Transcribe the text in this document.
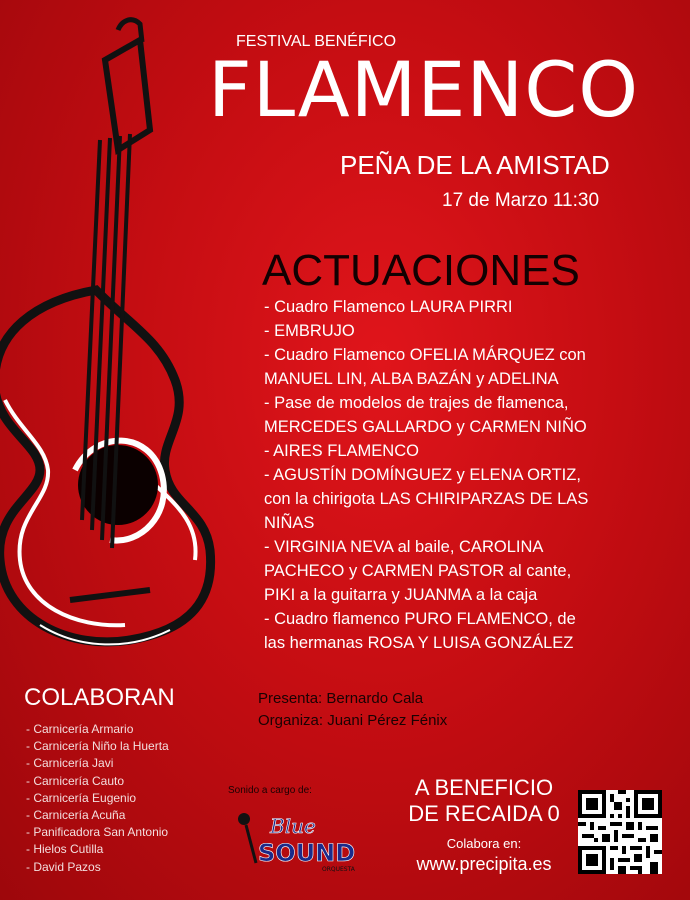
FESTIVAL BENÉFICO
FLAMENCO
PEÑA DE LA AMISTAD
17 de Marzo 11:30
ACTUACIONES
- Cuadro Flamenco LAURA PIRRI
- EMBRUJO
- Cuadro Flamenco OFELIA MÁRQUEZ con
MANUEL LIN, ALBA BAZÁN y ADELINA
- Pase de modelos de trajes de flamenca,
MERCEDES GALLARDO y CARMEN NIÑO
- AIRES FLAMENCO
- AGUSTÍN DOMÍNGUEZ y ELENA ORTIZ,
con la chirigota LAS CHIRIPARZAS DE LAS
NIÑAS
- VIRGINIA NEVA al baile, CAROLINA
PACHECO y CARMEN PASTOR al cante,
PIKI a la guitarra y JUANMA a la caja
- Cuadro flamenco PURO FLAMENCO, de
las hermanas ROSA Y LUISA GONZÁLEZ
COLABORAN
- Carnicería Armario
- Carnicería Niño la Huerta
- Carnicería Javi
- Carnicería Cauto
- Carnicería Eugenio
- Carnicería Acuña
- Panificadora San Antonio
- Hielos Cutilla
- David Pazos
Presenta: Bernardo Cala
Organiza: Juani Pérez Fénix
Sonido a cargo de:
Blue
SOUND
ORQUESTA
A BENEFICIO
DE RECAIDA 0
Colabora en:
www.precipita.es
